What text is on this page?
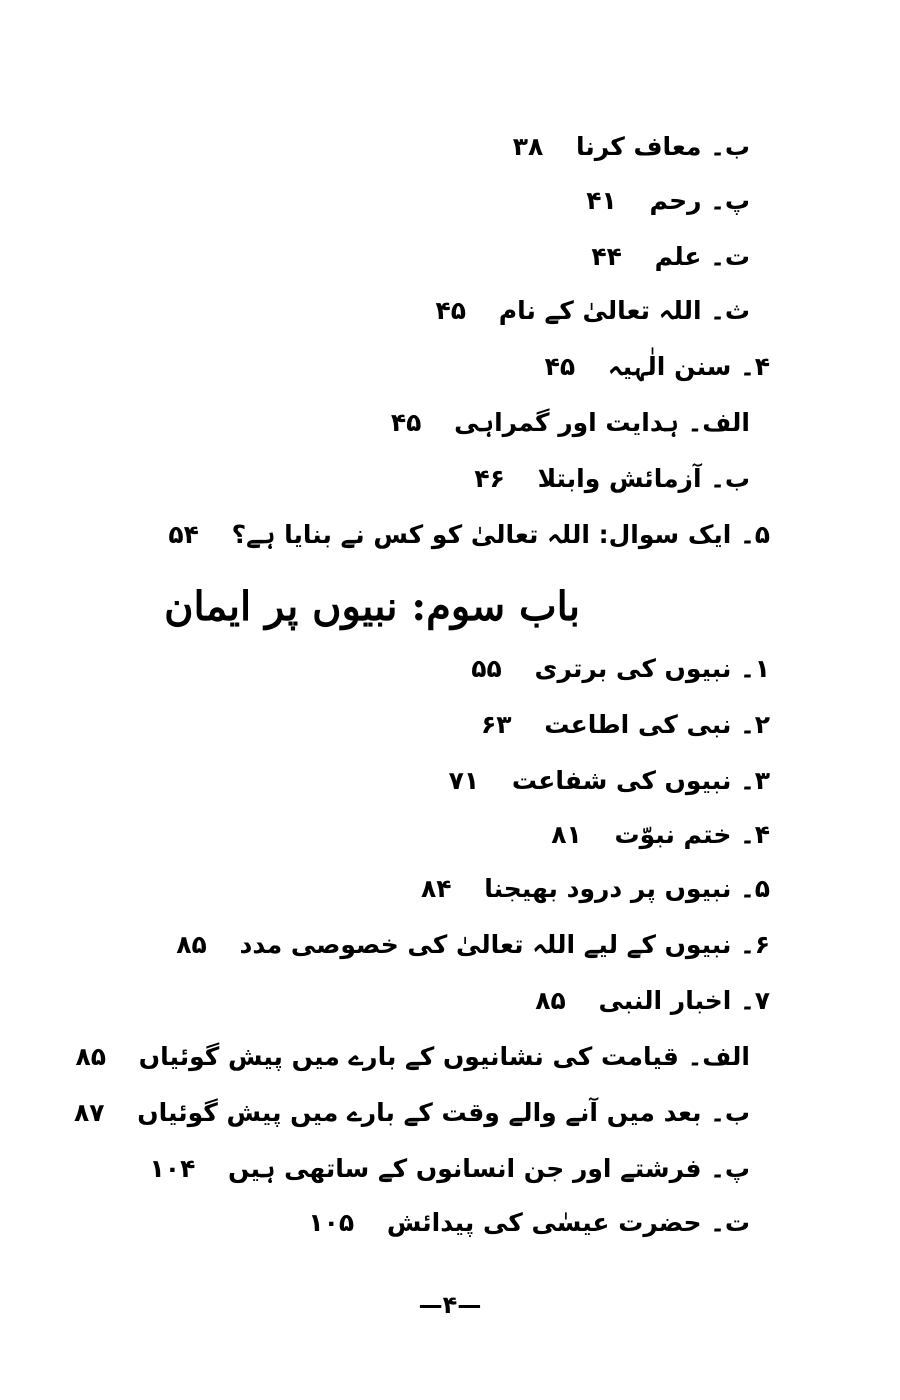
ب۔ معاف کرنا ۳۸
پ۔ رحم ۴۱
ت۔ علم ۴۴
ث۔ اللہ تعالیٰ کے نام ۴۵
۴۔ سنن الٰہیہ ۴۵
الف۔ ہدایت اور گمراہی ۴۵
ب۔ آزمائش وابتلا ۴۶
۵۔ ایک سوال: اللہ تعالیٰ کو کس نے بنایا ہے؟ ۵۴
باب سوم: نبیوں پر ایمان
۱۔ نبیوں کی برتری ۵۵
۲۔ نبی کی اطاعت ۶۳
۳۔ نبیوں کی شفاعت ۷۱
۴۔ ختم نبوّت ۸۱
۵۔ نبیوں پر درود بھیجنا ۸۴
۶۔ نبیوں کے لیے اللہ تعالیٰ کی خصوصی مدد ۸۵
۷۔ اخبار النبی ۸۵
الف۔ قیامت کی نشانیوں کے بارے میں پیش گوئیاں ۸۵
ب۔ بعد میں آنے والے وقت کے بارے میں پیش گوئیاں ۸۷
پ۔ فرشتے اور جن انسانوں کے ساتھی ہیں ۱۰۴
ت۔ حضرت عیسٰی کی پیدائش ۱۰۵
—۴—
